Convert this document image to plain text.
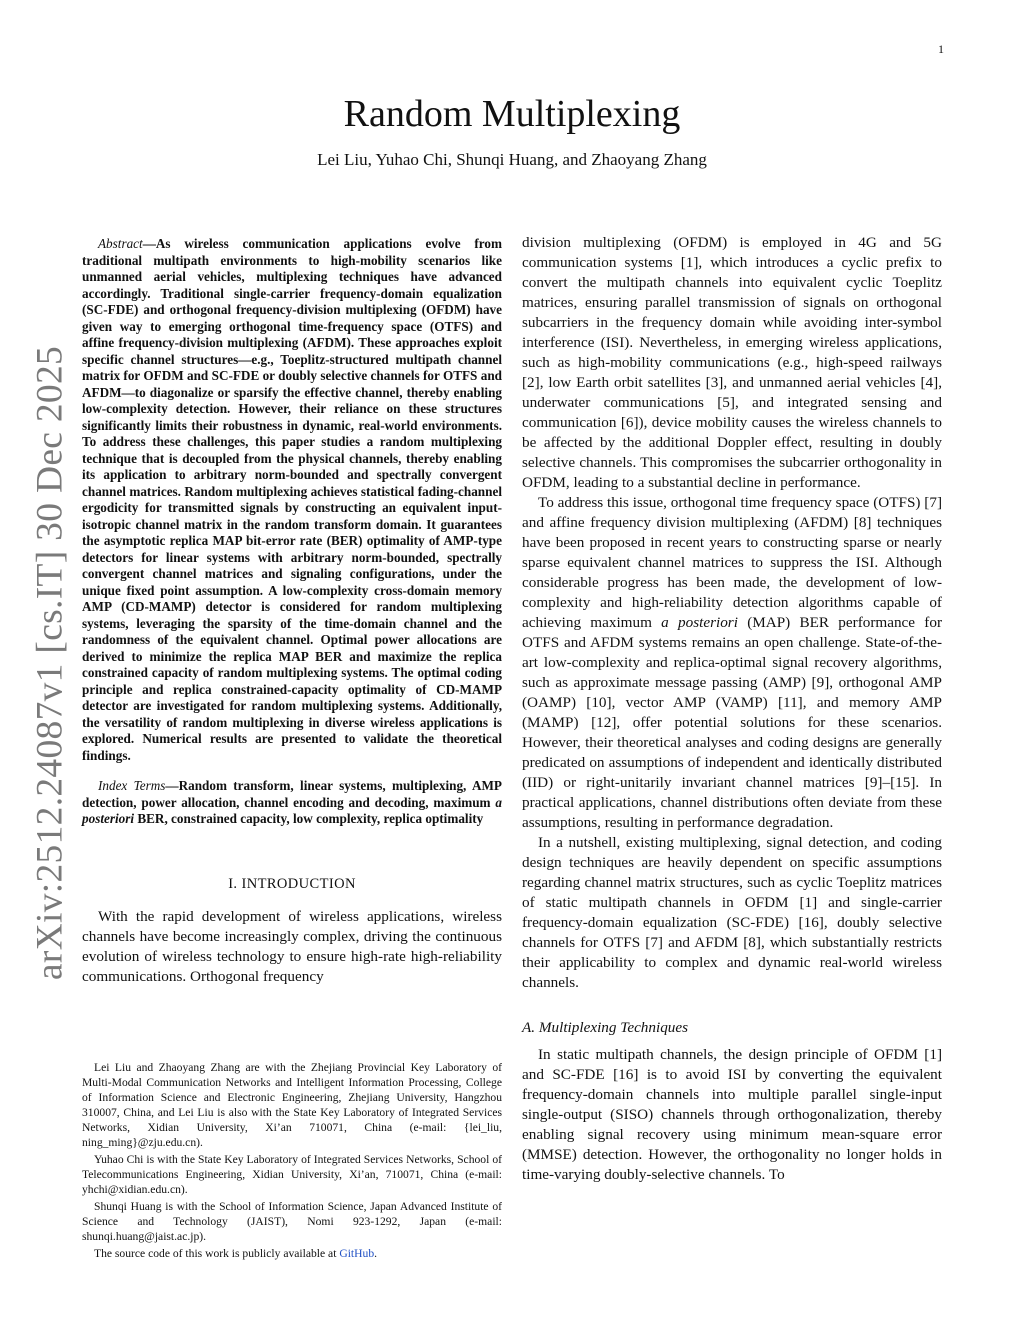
1
arXiv:2512.24087v1 [cs.IT] 30 Dec 2025
Random Multiplexing
Lei Liu, Yuhao Chi, Shunqi Huang, and Zhaoyang Zhang

Abstract—As wireless communication applications evolve from traditional multipath environments to high-mobility scenarios like unmanned aerial vehicles, multiplexing techniques have advanced accordingly. Traditional single-carrier frequency-domain equalization (SC-FDE) and orthogonal frequency-division multiplexing (OFDM) have given way to emerging orthogonal time-frequency space (OTFS) and affine frequency-division multiplexing (AFDM). These approaches exploit specific channel structures—e.g., Toeplitz-structured multipath channel matrix for OFDM and SC-FDE or doubly selective channels for OTFS and AFDM—to diagonalize or sparsify the effective channel, thereby enabling low-complexity detection. However, their reliance on these structures significantly limits their robustness in dynamic, real-world environments. To address these challenges, this paper studies a random multiplexing technique that is decoupled from the physical channels, thereby enabling its application to arbitrary norm-bounded and spectrally convergent channel matrices. Random multiplexing achieves statistical fading-channel ergodicity for transmitted signals by constructing an equivalent input-isotropic channel matrix in the random transform domain. It guarantees the asymptotic replica MAP bit-error rate (BER) optimality of AMP-type detectors for linear systems with arbitrary norm-bounded, spectrally convergent channel matrices and signaling configurations, under the unique fixed point assumption. A low-complexity cross-domain memory AMP (CD-MAMP) detector is considered for random multiplexing systems, leveraging the sparsity of the time-domain channel and the randomness of the equivalent channel. Optimal power allocations are derived to minimize the replica MAP BER and maximize the replica constrained capacity of random multiplexing systems. The optimal coding principle and replica constrained-capacity optimality of CD-MAMP detector are investigated for random multiplexing systems. Additionally, the versatility of random multiplexing in diverse wireless applications is explored. Numerical results are presented to validate the theoretical findings.

Index Terms—Random transform, linear systems, multiplexing, AMP detection, power allocation, channel encoding and decoding, maximum a posteriori BER, constrained capacity, low complexity, replica optimality

I. INTRODUCTION

With the rapid development of wireless applications, wireless channels have become increasingly complex, driving the continuous evolution of wireless technology to ensure high-rate high-reliability communications. Orthogonal frequency

Lei Liu and Zhaoyang Zhang are with the Zhejiang Provincial Key Laboratory of Multi-Modal Communication Networks and Intelligent Information Processing, College of Information Science and Electronic Engineering, Zhejiang University, Hangzhou 310007, China, and Lei Liu is also with the State Key Laboratory of Integrated Services Networks, Xidian University, Xi’an 710071, China (e-mail: {lei_liu, ning_ming}@zju.edu.cn).

Yuhao Chi is with the State Key Laboratory of Integrated Services Networks, School of Telecommunications Engineering, Xidian University, Xi’an, 710071, China (e-mail: yhchi@xidian.edu.cn).

Shunqi Huang is with the School of Information Science, Japan Advanced Institute of Science and Technology (JAIST), Nomi 923-1292, Japan (e-mail: shunqi.huang@jaist.ac.jp).

The source code of this work is publicly available at GitHub.

division multiplexing (OFDM) is employed in 4G and 5G communication systems [1], which introduces a cyclic prefix to convert the multipath channels into equivalent cyclic Toeplitz matrices, ensuring parallel transmission of signals on orthogonal subcarriers in the frequency domain while avoiding inter-symbol interference (ISI). Nevertheless, in emerging wireless applications, such as high-mobility communications (e.g., high-speed railways [2], low Earth orbit satellites [3], and unmanned aerial vehicles [4], underwater communications [5], and integrated sensing and communication [6]), device mobility causes the wireless channels to be affected by the additional Doppler effect, resulting in doubly selective channels. This compromises the subcarrier orthogonality in OFDM, leading to a substantial decline in performance.

To address this issue, orthogonal time frequency space (OTFS) [7] and affine frequency division multiplexing (AFDM) [8] techniques have been proposed in recent years to constructing sparse or nearly sparse equivalent channel matrices to suppress the ISI. Although considerable progress has been made, the development of low-complexity and high-reliability detection algorithms capable of achieving maximum a posteriori (MAP) BER performance for OTFS and AFDM systems remains an open challenge. State-of-the-art low-complexity and replica-optimal signal recovery algorithms, such as approximate message passing (AMP) [9], orthogonal AMP (OAMP) [10], vector AMP (VAMP) [11], and memory AMP (MAMP) [12], offer potential solutions for these scenarios. However, their theoretical analyses and coding designs are generally predicated on assumptions of independent and identically distributed (IID) or right-unitarily invariant channel matrices [9]–[15]. In practical applications, channel distributions often deviate from these assumptions, resulting in performance degradation.

In a nutshell, existing multiplexing, signal detection, and coding design techniques are heavily dependent on specific assumptions regarding channel matrix structures, such as cyclic Toeplitz matrices of static multipath channels in OFDM [1] and single-carrier frequency-domain equalization (SC-FDE) [16], doubly selective channels for OTFS [7] and AFDM [8], which substantially restricts their applicability to complex and dynamic real-world wireless channels.

A. Multiplexing Techniques

In static multipath channels, the design principle of OFDM [1] and SC-FDE [16] is to avoid ISI by converting the equivalent frequency-domain channels into multiple parallel single-input single-output (SISO) channels through orthogonalization, thereby enabling signal recovery using minimum mean-square error (MMSE) detection. However, the orthogonality no longer holds in time-varying doubly-selective channels. To
